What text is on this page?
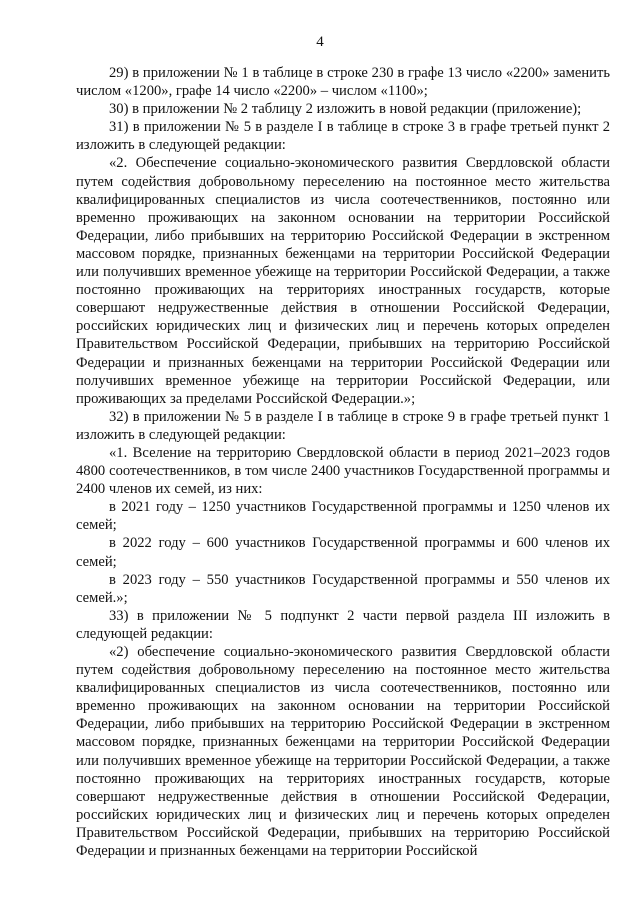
4

29) в приложении № 1 в таблице в строке 230 в графе 13 число «2200» заменить числом «1200», графе 14 число «2200» – числом «1100»;

30) в приложении № 2 таблицу 2 изложить в новой редакции (приложение);

31) в приложении № 5 в разделе I в таблице в строке 3 в графе третьей пункт 2 изложить в следующей редакции:

«2. Обеспечение социально-экономического развития Свердловской области путем содействия добровольному переселению на постоянное место жительства квалифицированных специалистов из числа соотечественников, постоянно или временно проживающих на законном основании на территории Российской Федерации, либо прибывших на территорию Российской Федерации в экстренном массовом порядке, признанных беженцами на территории Российской Федерации или получивших временное убежище на территории Российской Федерации, а также постоянно проживающих на территориях иностранных государств, которые совершают недружественные действия в отношении Российской Федерации, российских юридических лиц и физических лиц и перечень которых определен Правительством Российской Федерации, прибывших на территорию Российской Федерации и признанных беженцами на территории Российской Федерации или получивших временное убежище на территории Российской Федерации, или проживающих за пределами Российской Федерации.»;

32) в приложении № 5 в разделе I в таблице в строке 9 в графе третьей пункт 1 изложить в следующей редакции:

«1. Вселение на территорию Свердловской области в период 2021–2023 годов 4800 соотечественников, в том числе 2400 участников Государственной программы и 2400 членов их семей, из них:

в 2021 году – 1250 участников Государственной программы и 1250 членов их семей;

в 2022 году – 600 участников Государственной программы и 600 членов их семей;

в 2023 году – 550 участников Государственной программы и 550 членов их семей.»;

33) в приложении № 5 подпункт 2 части первой раздела III изложить в следующей редакции:

«2) обеспечение социально-экономического развития Свердловской области путем содействия добровольному переселению на постоянное место жительства квалифицированных специалистов из числа соотечественников, постоянно или временно проживающих на законном основании на территории Российской Федерации, либо прибывших на территорию Российской Федерации в экстренном массовом порядке, признанных беженцами на территории Российской Федерации или получивших временное убежище на территории Российской Федерации, а также постоянно проживающих на территориях иностранных государств, которые совершают недружественные действия в отношении Российской Федерации, российских юридических лиц и физических лиц и перечень которых определен Правительством Российской Федерации, прибывших на территорию Российской Федерации и признанных беженцами на территории Российской
